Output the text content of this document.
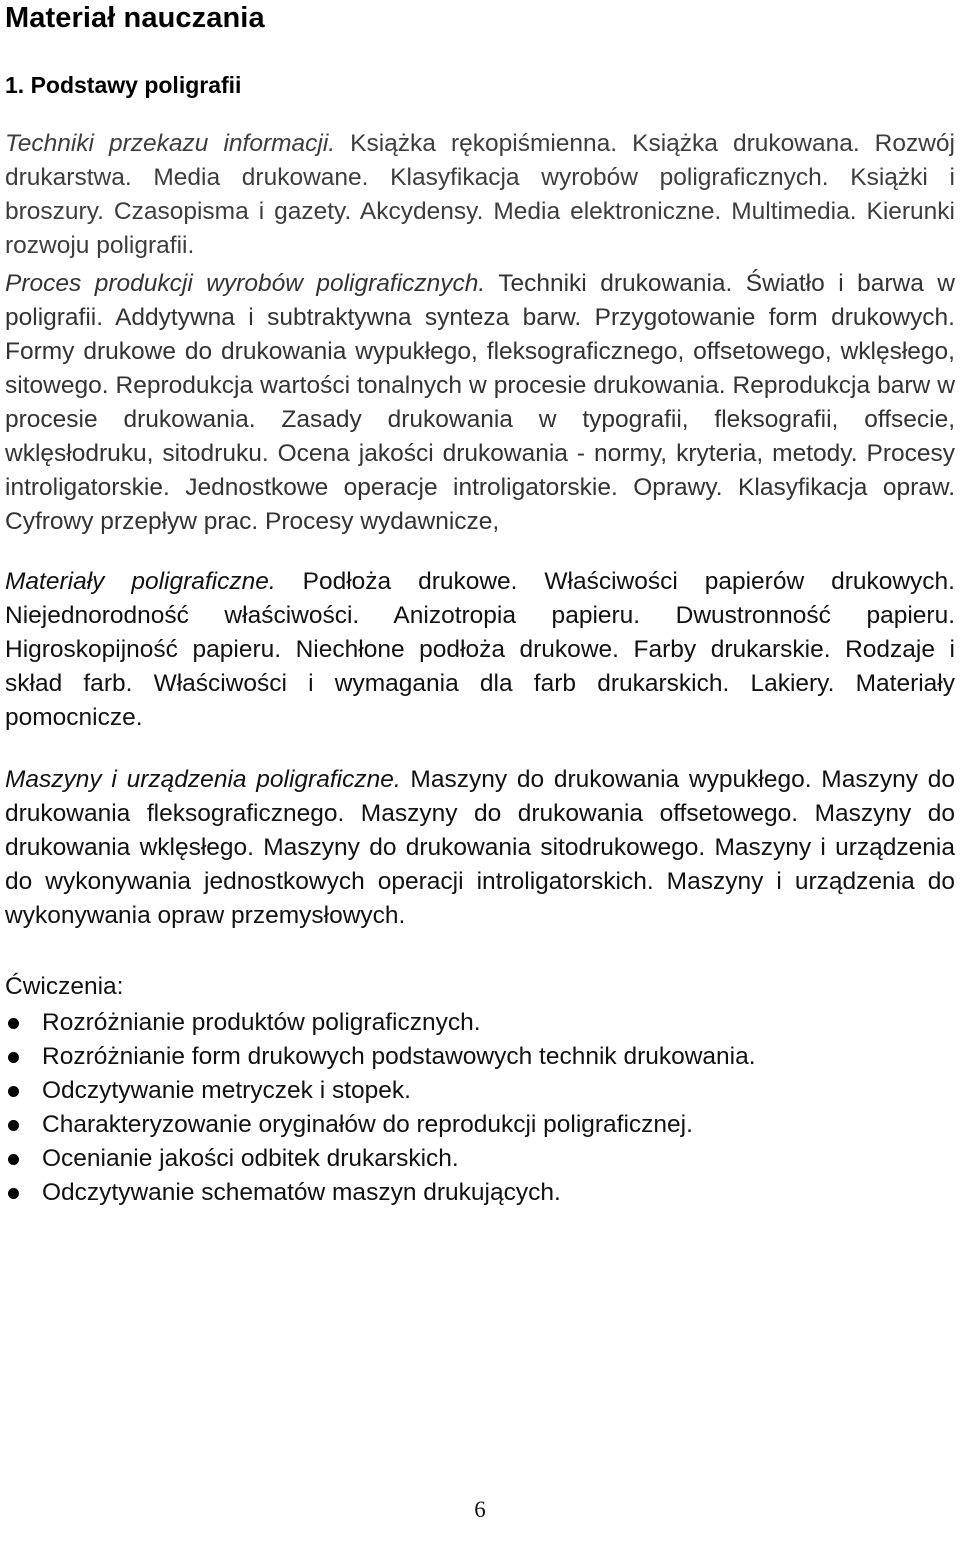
Materiał nauczania
1. Podstawy poligrafii

Techniki przekazu informacji. Książka rękopiśmienna. Książka drukowana. Rozwój drukarstwa. Media drukowane. Klasyfikacja wyrobów poligraficznych. Książki i broszury. Czasopisma i gazety. Akcydensy. Media elektroniczne. Multimedia. Kierunki rozwoju poligrafii.

Proces produkcji wyrobów poligraficznych. Techniki drukowania. Światło i barwa w poligrafii. Addytywna i subtraktywna synteza barw. Przygotowanie form drukowych. Formy drukowe do drukowania wypukłego, fleksograficznego, offsetowego, wklęsłego, sitowego. Reprodukcja wartości tonalnych w procesie drukowania. Reprodukcja barw w procesie drukowania. Zasady drukowania w typografii, fleksografii, offsecie, wklęsłodruku, sitodruku. Ocena jakości drukowania - normy, kryteria, metody. Procesy introligatorskie. Jednostkowe operacje introligatorskie. Oprawy. Klasyfikacja opraw. Cyfrowy przepływ prac. Procesy wydawnicze,

Materiały poligraficzne. Podłoża drukowe. Właściwości papierów drukowych. Niejednorodność właściwości. Anizotropia papieru. Dwustronność papieru. Higroskopijność papieru. Niechłone podłoża drukowe. Farby drukarskie. Rodzaje i skład farb. Właściwości i wymagania dla farb drukarskich. Lakiery. Materiały pomocnicze.

Maszyny i urządzenia poligraficzne. Maszyny do drukowania wypukłego. Maszyny do drukowania fleksograficznego. Maszyny do drukowania offsetowego. Maszyny do drukowania wklęsłego. Maszyny do drukowania sitodrukowego. Maszyny i urządzenia do wykonywania jednostkowych operacji introligatorskich. Maszyny i urządzenia do wykonywania opraw przemysłowych.

Ćwiczenia:

Rozróżnianie produktów poligraficznych.
Rozróżnianie form drukowych podstawowych technik drukowania.
Odczytywanie metryczek i stopek.
Charakteryzowanie oryginałów do reprodukcji poligraficznej.
Ocenianie jakości odbitek drukarskich.
Odczytywanie schematów maszyn drukujących.
6
